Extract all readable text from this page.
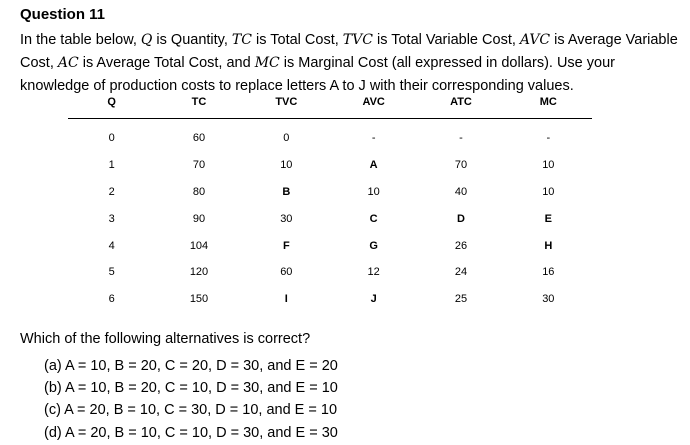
Question 11
In the table below, Q is Quantity, TC is Total Cost, TVC is Total Variable Cost, AVC is Average Variable Cost, AC is Average Total Cost, and MC is Marginal Cost (all expressed in dollars). Use your knowledge of production costs to replace letters A to J with their corresponding values.
Q	TC	TVC	AVC	ATC	MC
0	60	0	-	-	-
1	70	10	A	70	10
2	80	B	10	40	10
3	90	30	C	D	E
4	104	F	G	26	H
5	120	60	12	24	16
6	150	I	J	25	30
Which of the following alternatives is correct?
(a) A = 10, B = 20, C = 20, D = 30, and E = 20
(b) A = 10, B = 20, C = 10, D = 30, and E = 10
(c) A = 20, B = 10, C = 30, D = 10, and E = 10
(d) A = 20, B = 10, C = 10, D = 30, and E = 30
